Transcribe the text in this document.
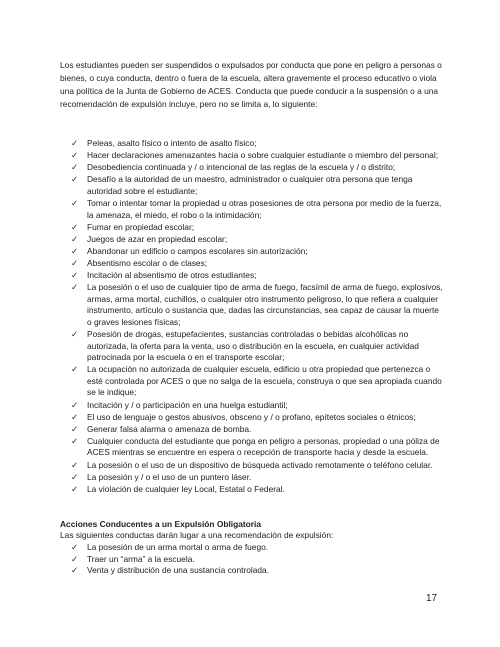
Los estudiantes pueden ser suspendidos o expulsados por conducta que pone en peligro a personas o bienes, o cuya conducta, dentro o fuera de la escuela, altera gravemente el proceso educativo o viola una política de la Junta de Gobierno de ACES. Conducta que puede conducir a la suspensión o a una recomendación de expulsión incluye, pero no se limita a, lo siguiente:

✓ Peleas, asalto físico o intento de asalto físico;
✓ Hacer declaraciones amenazantes hacia o sobre cualquier estudiante o miembro del personal;
✓ Desobediencia continuada y / o intencional de las reglas de la escuela y / o distrito;
✓ Desafío a la autoridad de un maestro, administrador o cualquier otra persona que tenga autoridad sobre el estudiante;
✓ Tomar o intentar tomar la propiedad u otras posesiones de otra persona por medio de la fuerza, la amenaza, el miedo, el robo o la intimidación;
✓ Fumar en propiedad escolar;
✓ Juegos de azar en propiedad escolar;
✓ Abandonar un edificio o campos escolares sin autorización;
✓ Absentismo escolar o de clases;
✓ Incitación al absentismo de otros estudiantes;
✓ La posesión o el uso de cualquier tipo de arma de fuego, facsímil de arma de fuego, explosivos, armas, arma mortal, cuchillos, o cualquier otro instrumento peligroso, lo que refiera a cualquier instrumento, artículo o sustancia que, dadas las circunstancias, sea capaz de causar la muerte o graves lesiones físicas;
✓ Posesión de drogas, estupefacientes, sustancias controladas o bebidas alcohólicas no autorizada, la oferta para la venta, uso o distribución en la escuela, en cualquier actividad patrocinada por la escuela o en el transporte escolar;
✓ La ocupación no autorizada de cualquier escuela, edificio u otra propiedad que pertenezca o esté controlada por ACES o que no salga de la escuela, construya o que sea apropiada cuando se le indique;
✓ Incitación y / o participación en una huelga estudiantil;
✓ El uso de lenguaje o gestos abusivos, obsceno y / o profano, epítetos sociales o étnicos;
✓ Generar falsa alarma o amenaza de bomba.
✓ Cualquier conducta del estudiante que ponga en peligro a personas, propiedad o una póliza de ACES mientras se encuentre en espera o recepción de transporte hacia y desde la escuela.
✓ La posesión o el uso de un dispositivo de búsqueda activado remotamente o teléfono celular.
✓ La posesión y / o el uso de un puntero láser.
✓ La violación de cualquier ley Local, Estatal o Federal.

Acciones Conducentes a un Expulsión Obligatoria

Las siguientes conductas darán lugar a una recomendación de expulsión:

✓ La posesión de un arma mortal o arma de fuego.
✓ Traer un “arma” a la escuela.
✓ Venta y distribución de una sustancia controlada.
17
